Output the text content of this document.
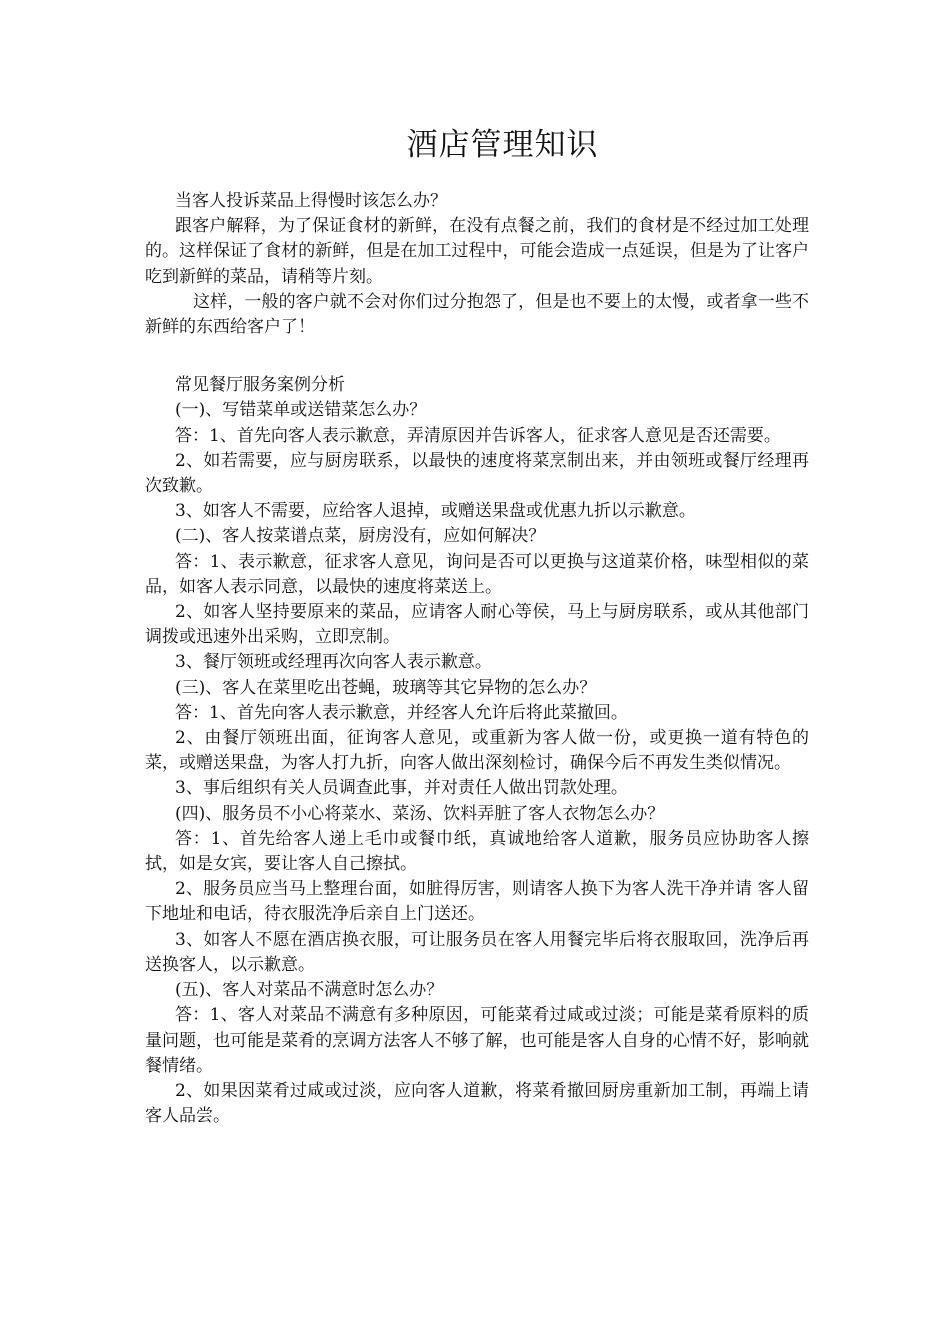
酒店管理知识

当客人投诉菜品上得慢时该怎么办？

跟客户解释，为了保证食材的新鲜，在没有点餐之前，我们的食材是不经过加工处理的。这样保证了食材的新鲜，但是在加工过程中，可能会造成一点延误，但是为了让客户吃到新鲜的菜品，请稍等片刻。

这样，一般的客户就不会对你们过分抱怨了，但是也不要上的太慢，或者拿一些不新鲜的东西给客户了！

常见餐厅服务案例分析

(一)、写错菜单或送错菜怎么办？

答：1、首先向客人表示歉意，弄清原因并告诉客人，征求客人意见是否还需要。

2、如若需要，应与厨房联系，以最快的速度将菜烹制出来，并由领班或餐厅经理再次致歉。

3、如客人不需要，应给客人退掉，或赠送果盘或优惠九折以示歉意。

(二)、客人按菜谱点菜，厨房没有，应如何解决？

答：1、表示歉意，征求客人意见，询问是否可以更换与这道菜价格，味型相似的菜品，如客人表示同意，以最快的速度将菜送上。

2、如客人坚持要原来的菜品，应请客人耐心等侯，马上与厨房联系，或从其他部门调拨或迅速外出采购，立即烹制。

3、餐厅领班或经理再次向客人表示歉意。

(三)、客人在菜里吃出苍蝇，玻璃等其它异物的怎么办？

答：1、首先向客人表示歉意，并经客人允许后将此菜撤回。

2、由餐厅领班出面，征询客人意见，或重新为客人做一份，或更换一道有特色的菜，或赠送果盘，为客人打九折，向客人做出深刻检讨，确保今后不再发生类似情况。

3、事后组织有关人员调查此事，并对责任人做出罚款处理。

(四)、服务员不小心将菜水、菜汤、饮料弄脏了客人衣物怎么办？

答：1、首先给客人递上毛巾或餐巾纸，真诚地给客人道歉，服务员应协助客人擦拭，如是女宾，要让客人自己擦拭。

2、服务员应当马上整理台面，如脏得厉害，则请客人换下为客人洗干净并请 客人留下地址和电话，待衣服洗净后亲自上门送还。

3、如客人不愿在酒店换衣服，可让服务员在客人用餐完毕后将衣服取回，洗净后再送换客人，以示歉意。

(五)、客人对菜品不满意时怎么办？

答：1、客人对菜品不满意有多种原因，可能菜肴过咸或过淡；可能是菜肴原料的质量问题，也可能是菜肴的烹调方法客人不够了解，也可能是客人自身的心情不好，影响就餐情绪。

2、如果因菜肴过咸或过淡，应向客人道歉，将菜肴撤回厨房重新加工制，再端上请客人品尝。
